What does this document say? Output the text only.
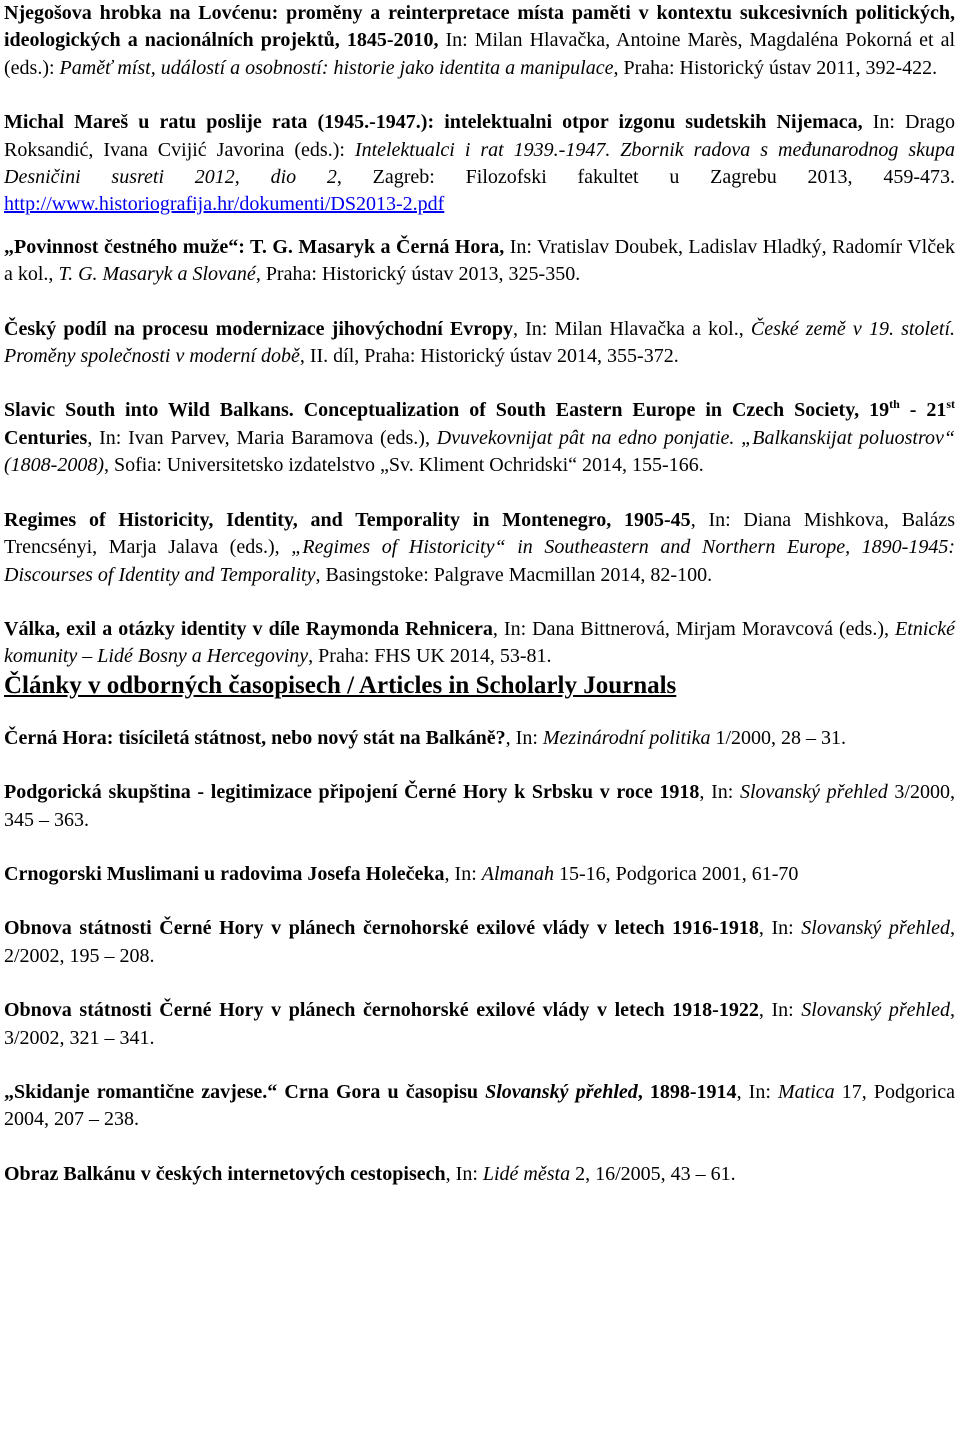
Njegošova hrobka na Lovćenu: proměny a reinterpretace místa paměti v kontextu sukcesivních politických, ideologických a nacionálních projektů, 1845-2010, In: Milan Hlavačka, Antoine Marès, Magdaléna Pokorná et al (eds.): Paměť míst, událostí a osobností: historie jako identita a manipulace, Praha: Historický ústav 2011, 392-422.

Michal Mareš u ratu poslije rata (1945.-1947.): intelektualni otpor izgonu sudetskih Nijemaca, In: Drago Roksandić, Ivana Cvijić Javorina (eds.): Intelektualci i rat 1939.-1947. Zbornik radova s međunarodnog skupa Desničini susreti 2012, dio 2, Zagreb: Filozofski fakultet u Zagrebu 2013, 459-473. http://www.historiografija.hr/dokumenti/DS2013-2.pdf

„Povinnost čestného muže“: T. G. Masaryk a Černá Hora, In: Vratislav Doubek, Ladislav Hladký, Radomír Vlček a kol., T. G. Masaryk a Slované, Praha: Historický ústav 2013, 325-350.

Český podíl na procesu modernizace jihovýchodní Evropy, In: Milan Hlavačka a kol., České země v 19. století. Proměny společnosti v moderní době, II. díl, Praha: Historický ústav 2014, 355-372.

Slavic South into Wild Balkans. Conceptualization of South Eastern Europe in Czech Society, 19th - 21st Centuries, In: Ivan Parvev, Maria Baramova (eds.), Dvuvekovnijat pât na edno ponjatie. „Balkanskijat poluostrov“ (1808-2008), Sofia: Universitetsko izdatelstvo „Sv. Kliment Ochridski“ 2014, 155-166.

Regimes of Historicity, Identity, and Temporality in Montenegro, 1905-45, In: Diana Mishkova, Balázs Trencsényi, Marja Jalava (eds.), „Regimes of Historicity“ in Southeastern and Northern Europe, 1890-1945: Discourses of Identity and Temporality, Basingstoke: Palgrave Macmillan 2014, 82-100.

Válka, exil a otázky identity v díle Raymonda Rehnicera, In: Dana Bittnerová, Mirjam Moravcová (eds.), Etnické komunity – Lidé Bosny a Hercegoviny, Praha: FHS UK 2014, 53-81.

Články v odborných časopisech / Articles in Scholarly Journals

Černá Hora: tisíciletá státnost, nebo nový stát na Balkáně?, In: Mezinárodní politika 1/2000, 28 – 31.

Podgorická skupština - legitimizace připojení Černé Hory k Srbsku v roce 1918, In: Slovanský přehled 3/2000, 345 – 363.

Crnogorski Muslimani u radovima Josefa Holečeka, In: Almanah 15-16, Podgorica 2001, 61-70

Obnova státnosti Černé Hory v plánech černohorské exilové vlády v letech 1916-1918, In: Slovanský přehled, 2/2002, 195 – 208.

Obnova státnosti Černé Hory v plánech černohorské exilové vlády v letech 1918-1922, In: Slovanský přehled, 3/2002, 321 – 341.

„Skidanje romantične zavjese.“ Crna Gora u časopisu Slovanský přehled, 1898-1914, In: Matica 17, Podgorica 2004, 207 – 238.

Obraz Balkánu v českých internetových cestopisech, In: Lidé města 2, 16/2005, 43 – 61.
